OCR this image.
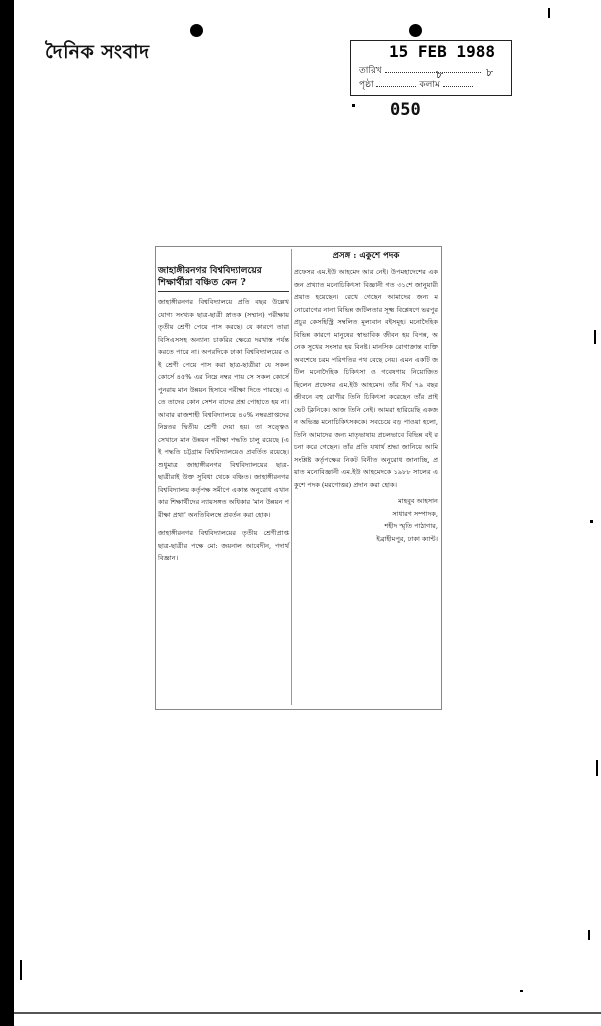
দৈনিক সংবাদ	15 FEB 1988
তারিখ
পৃষ্ঠা	কলাম
৮	৮
050
জাহাঙ্গীরনগর বিশ্ববিদ্যালয়ের শিক্ষার্থীরা বঞ্চিত কেন ?
জাহাঙ্গীরনগর বিশ্ববিদ্যালয়ে প্রতি বছর উল্লেখযোগ্য সংখ্যক ছাত্র-ছাত্রী স্নাতক (সম্মান) পরীক্ষায় তৃতীয় শ্রেণী পেয়ে পাস করছে। যে কারণে তারা বিসিএসসহ অন্যান্য চাকরির ক্ষেত্রে দরখাস্ত পর্যন্ত করতে পারে না। অপরদিকে ঢাকা বিশ্ববিদ্যালয়ের ওই শ্রেণী পেয়ে পাস করা ছাত্র-ছাত্রীরা যে সকল কোর্সে ৪৫% এর নিম্নে নম্বর পায় সে সকল কোর্সে পুনরায় মান উন্নয়ন হিসাবে পরীক্ষা দিতে পারছে। এতে তাদের কোন সেশন বাদের প্রশ্ন পোহাতে হয় না। আবার রাজশাহী বিশ্ববিদ্যালয়ে ৪০% নম্বরপ্রাপ্তদের নিম্নতর দ্বিতীয় শ্রেণী দেয়া হয়। তা সত্ত্বেও সেখানে মান উন্নয়ন পরীক্ষা পদ্ধতি চালু রয়েছে (এই পদ্ধতি চট্টগ্রাম বিশ্ববিদ্যালয়েও প্রবর্তিত রয়েছে। শুধুমাত্র জাহাঙ্গীরনগর বিশ্ববিদ্যালয়ের ছাত্র-ছাত্রীরাই উক্ত সুবিধা থেকে বঞ্চিত। জাহাঙ্গীরনগর বিশ্ববিদ্যালয় কর্তৃপক্ষ সমীপে একান্ত অনুরোধ এখানকার শিক্ষার্থীদের ন্যায়সঙ্গত অধিকার 'মান উন্নয়ন পরীক্ষা প্রথা' অনতিবিলম্বে প্রবর্তন করা হোক।
জাহাঙ্গীরনগর বিশ্ববিদ্যালয়ের তৃতীয় শ্রেণীপ্রাপ্ত ছাত্র-ছাত্রীর পক্ষে মো: জয়নাল আবেদীন, পদার্থ বিজ্ঞান।
প্রসঙ্গ : একুশে পদক
প্রফেসর এম.ইউ আহমেদ আর নেই। উপমহাদেশের একজন প্রখ্যাত মনোচিকিৎসা বিজ্ঞানী গত ৩১শে জানুয়ারী প্রয়াত হয়েছেন। রেখে গেছেন আমাদের জন্য মনোরোগের নানা বিভিন্ন জটিলতার সূক্ষ্ম বিশ্লেষণে ভরপুর প্রচুর কেসহিস্ট্রি সম্বলিত মূল্যবান বইসমূহ। মনোদৈহিক বিভিন্ন কারণে মানুষের স্বাভাবিক জীবন হয় বিপন্ন, অনেক সুখের সংসার হয় বিনষ্ট। মানসিক রোগাক্রান্ত ব্যক্তি অবশেষে চরম পরিণতির পথ বেছে নেয়। এমন একটি জটিল মনোদৈহিক চিকিৎসা ও গবেষণায় নিয়োজিত ছিলেন প্রফেসর এম.ইউ আহমেদ। তাঁর দীর্ঘ ৭৯ বছর জীবনে বহু রোগীর তিনি চিকিৎসা করেছেন তাঁর প্রাইভেট ক্লিনিকে। আজ তিনি নেই। আমরা হারিয়েছি একজন অভিজ্ঞ মনোচিকিৎসককে। সবচেয়ে বড় পাওয়া হলো, তিনি আমাদের জন্য মাতৃভাষায় প্রচলভাবে বিভিন্ন বই রচনা করে গেছেন। তাঁর প্রতি যথার্থ শ্রদ্ধা জানিয়ে আমি সংশ্লিষ্ট কর্তৃপক্ষের নিকট বিনীত অনুরোধ জানাচ্ছি, প্রয়াত মনোবিজ্ঞানী এম.ইউ আহমেদকে ১৯৮৮ সালের একুশে পদক (মরণোত্তর) প্রদান করা হোক।
মাহবুব আহসান
সাধারণ সম্পাদক,
শহীদ স্মৃতি পাঠাগার,
ইব্রাহীমপুর, ঢাকা ক্যান্ট।
